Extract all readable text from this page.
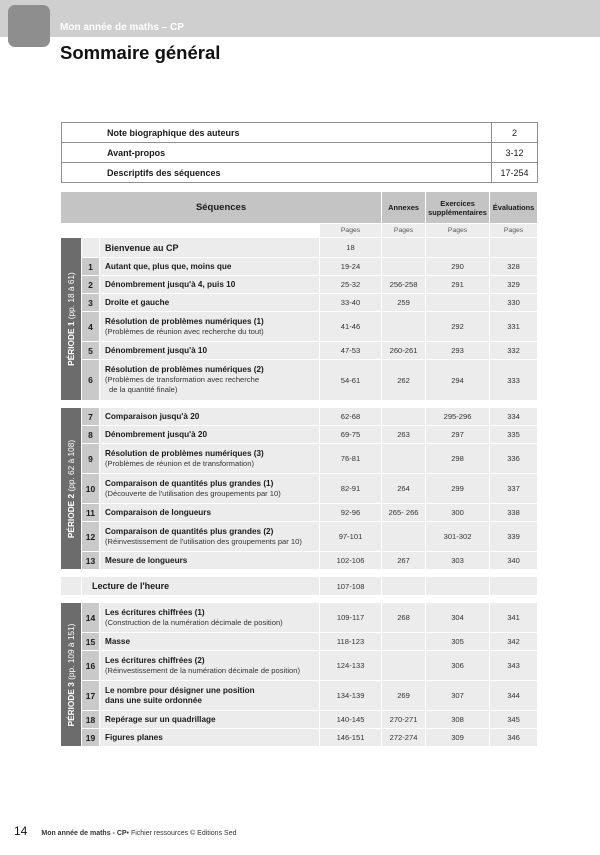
Mon année de maths – CP
Sommaire général
Note biographique des auteurs	2
Avant-propos	3-12
Descriptifs des séquences	17-254
Séquences				Annexes	Exercices
supplémentaires	Évaluations
			Pages	Pages	Pages	Pages

PÉRIODE 1 (pp. 18 à 61)		Bienvenue au CP	18			
	1	Autant que, plus que, moins que	19-24		290	328
	2	Dénombrement jusqu'à 4, puis 10	25-32	256-258	291	329
	3	Droite et gauche	33-40	259		330
	4	Résolution de problèmes numériques (1)
(Problèmes de réunion avec recherche du tout)	41-46		292	331
	5	Dénombrement jusqu'à 10	47-53	260-261	293	332
	6	Résolution de problèmes numériques (2)
(Problèmes de transformation avec recherche
de la quantité finale)	54-61	262	294	333

PÉRIODE 2 (pp. 62 à 108)	7	Comparaison jusqu'à 20	62-68		295-296	334
	8	Dénombrement jusqu'à 20	69-75	263	297	335
	9	Résolution de problèmes numériques (3)
(Problèmes de réunion et de transformation)	76-81		298	336
	10	Comparaison de quantités plus grandes (1)
(Découverte de l'utilisation des groupements par 10)	82-91	264	299	337
	11	Comparaison de longueurs	92-96	265- 266	300	338
	12	Comparaison de quantités plus grandes (2)
(Réinvestissement de l'utilisation des groupements par 10)	97-101		301-302	339
	13	Mesure de longueurs	102-106	267	303	340

	Lecture de l'heure		107-108			

PÉRIODE 3 (pp. 109 à 151)	14	Les écritures chiffrées (1)
(Construction de la numération décimale de position)	109-117	268	304	341
	15	Masse	118-123		305	342
	16	Les écritures chiffrées (2)
(Réinvestissement de la numération décimale de position)	124-133		306	343
	17	Le nombre pour désigner une position
dans une suite ordonnée	134-139	269	307	344
	18	Repérage sur un quadrillage	140-145	270-271	308	345
	19	Figures planes	146-151	272-274	309	346
14 Mon année de maths - CP • Fichier ressources © Editions Sed
